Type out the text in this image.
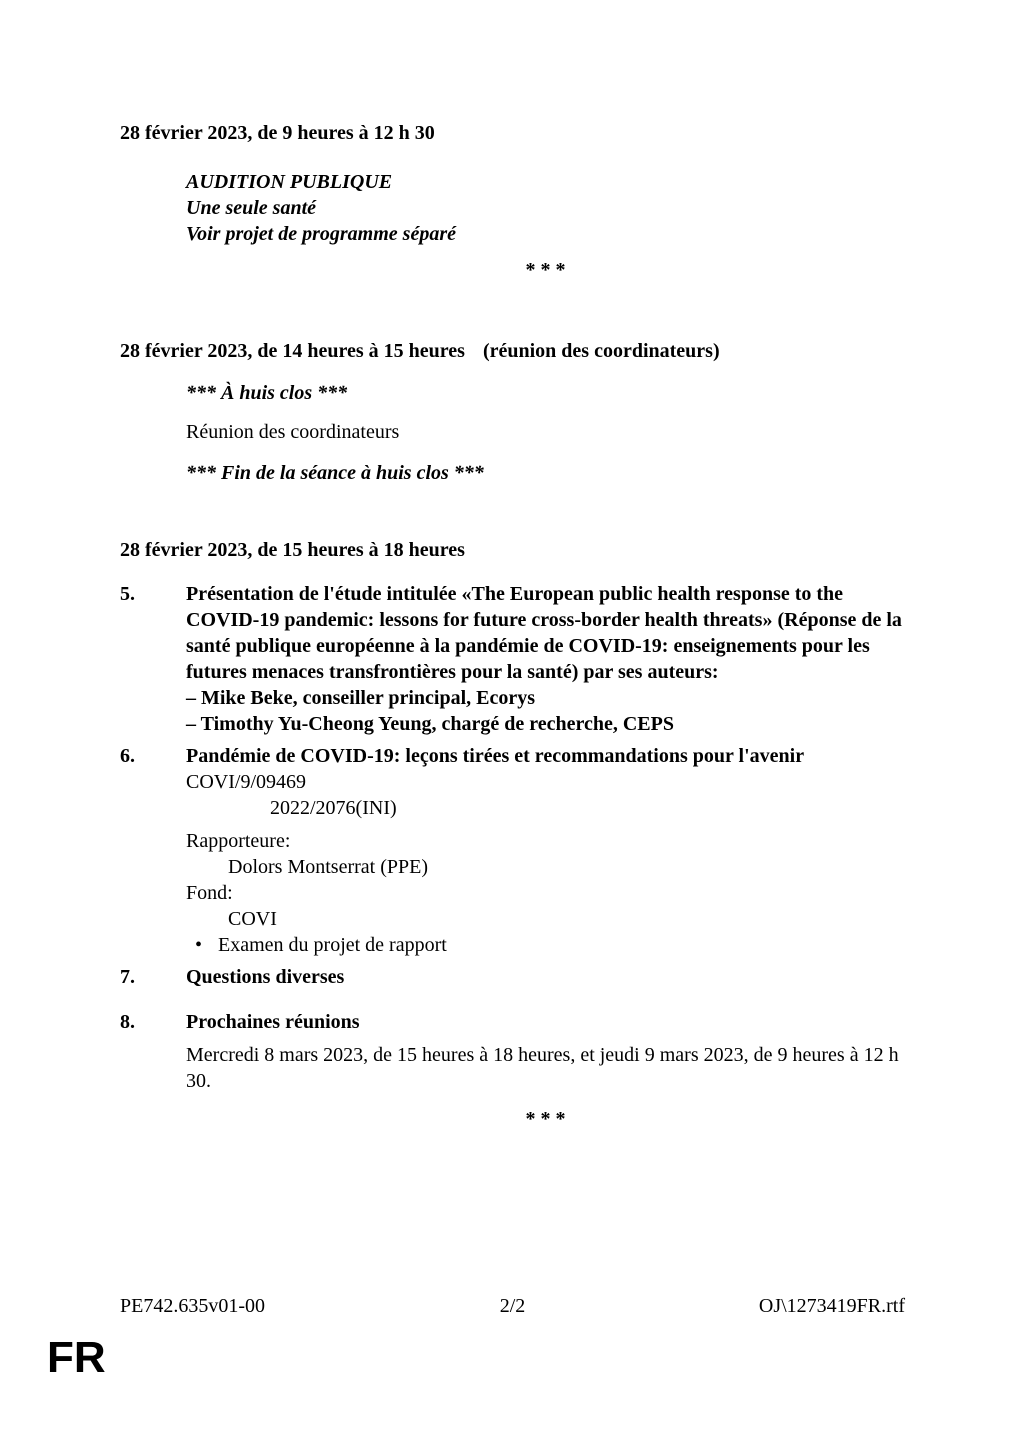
28 février 2023, de 9 heures à 12 h 30

AUDITION PUBLIQUE

Une seule santé

Voir projet de programme séparé

* * *

28 février 2023, de 14 heures à 15 heures (réunion des coordinateurs)

*** À huis clos ***

Réunion des coordinateurs

*** Fin de la séance à huis clos ***

28 février 2023, de 15 heures à 18 heures

5.	Présentation de l'étude intitulée «The European public health response to the COVID-19 pandemic: lessons for future cross-border health threats» (Réponse de la santé publique européenne à la pandémie de COVID-19: enseignements pour les futures menaces transfrontières pour la santé) par ses auteurs:

– Mike Beke, conseiller principal, Ecorys

– Timothy Yu-Cheong Yeung, chargé de recherche, CEPS

6.	Pandémie de COVID-19: leçons tirées et recommandations pour l'avenir

COVI/9/09469

2022/2076(INI)

Rapporteure:

Dolors Montserrat (PPE)

Fond:

COVI

• Examen du projet de rapport

7.	Questions diverses

8.	Prochaines réunions

Mercredi 8 mars 2023, de 15 heures à 18 heures, et jeudi 9 mars 2023, de 9 heures à 12 h 30.

* * *

PE742.635v01-00	2/2	OJ\1273419FR.rtf
FR
